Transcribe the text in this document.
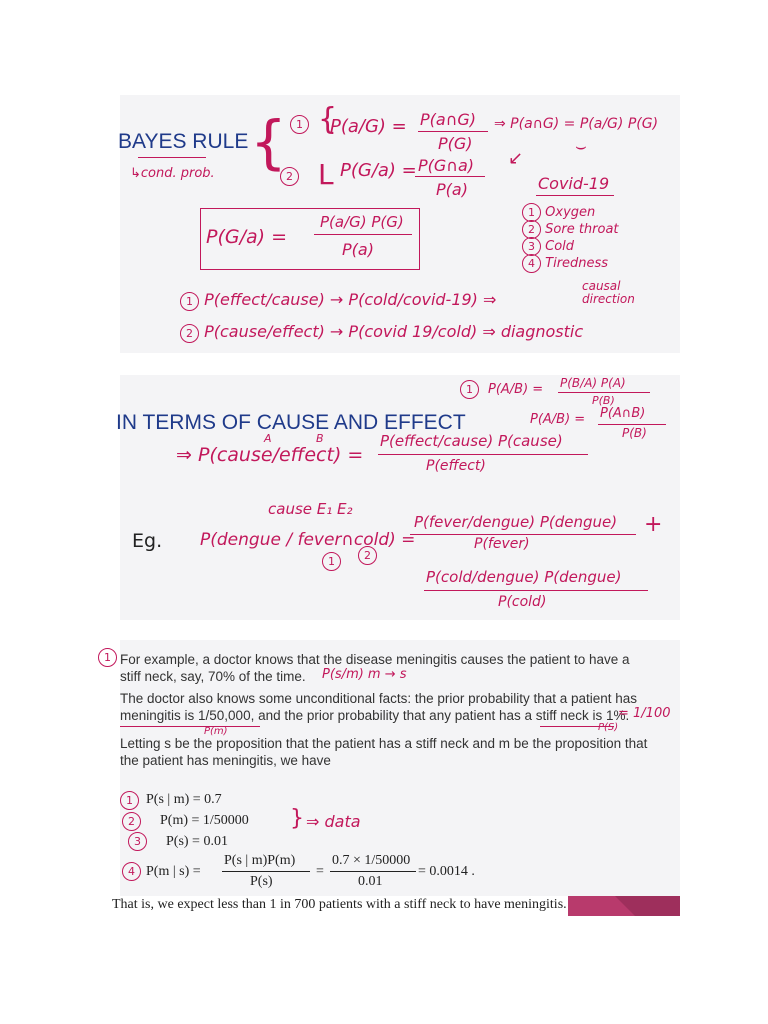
BAYES RULE
↳cond. prob. { 1 {
P(a/G) = P(a∩G)
P(G)
⇒ P(a∩G) = P(a/G) P(G)
⌣
↙
2 L P(G/a) = P(G∩a)
P(a)
P(G/a) =
P(a/G) P(G)
P(a)
Covid-19
1 Oxygen
2 Sore throat
3 Cold
4 Tiredness
1 P(effect/cause) → P(cold/covid-19) ⇒
causal direction
2 P(cause/effect) → P(covid 19/cold) ⇒ diagnostic
IN TERMS OF CAUSE AND EFFECT
1	P(A/B) = P(B/A) P(A)
P(B)
P(A/B) = P(A∩B)
P(B)
A	B
⇒ P(cause/effect) =
P(effect/cause) P(cause)
P(effect)
cause E₁ E₂
Eg. P(dengue / fever∩cold) =
1	2
P(fever/dengue) P(dengue)
P(fever)
+
P(cold/dengue) P(dengue)
P(cold)
1 For example, a doctor knows that the disease meningitis causes the patient to have a
stiff neck, say, 70% of the time. P(s/m) m → s
The doctor also knows some unconditional facts: the prior probability that a patient has
meningitis is 1/50,000, and the prior probability that any patient has a stiff neck is 1%.
= 1/100
P(m)	P(S)
Letting s be the proposition that the patient has a stiff neck and m be the proposition that
the patient has meningitis, we have
1 P(s | m) = 0.7
2	P(m) = 1/50000
3	P(s) = 0.01
} ⇒ data
4 P(m | s) =
P(s | m)P(m)
P(s)
=
0.7 × 1/50000
0.01
= 0.0014 .
That is, we expect less than 1 in 700 patients with a stiff neck to have meningitis.
